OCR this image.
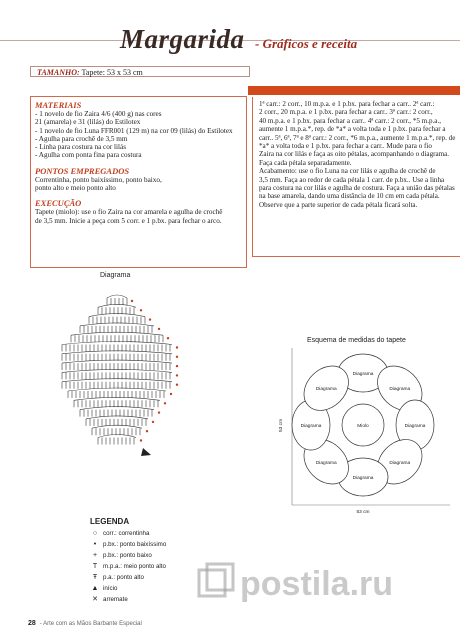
Margarida - Gráficos e receita
TAMANHO: Tapete: 53 x 53 cm

MATERIAIS

- 1 novelo de fio Zaira 4/6 (400 g) nas cores

21 (amarela) e 31 (lilás) do Estilotex

- 1 novelo de fio Luna FFR001 (129 m) na cor 09 (lilás) do Estilotex

- Agulha para crochê de 3,5 mm

- Linha para costura na cor lilás

- Agulha com ponta fina para costura

PONTOS EMPREGADOS

Correntinha, ponto baixíssimo, ponto baixo,

ponto alto e meio ponto alto

EXECUÇÃO

Tapete (miolo): use o fio Zaira na cor amarela e agulha de crochê

de 3,5 mm. Inicie a peça com 5 corr. e 1 p.bx. para fechar o arco.

1ª carr.: 2 corr., 10 m.p.a. e 1 p.bx. para fechar a carr.. 2ª carr.:
2 corr., 20 m.p.a. e 1 p.bx. para fechar a carr.. 3ª carr.: 2 corr.,
40 m.p.a. e 1 p.bx. para fechar a carr.. 4ª carr.: 2 corr., *5 m.p.a.,
aumente 1 m.p.a.*, rep. de *a* a volta toda e 1 p.bx. para fechar a
carr.. 5ª, 6ª, 7ª e 8ª carr.: 2 corr., *6 m.p.a., aumente 1 m.p.a.*, rep. de
*a* a volta toda e 1 p.bx. para fechar a carr.. Mude para o fio
Zaira na cor lilás e faça as oito pétalas, acompanhando o diagrama.
Faça cada pétala separadamente.
Acabamento: use o fio Luna na cor lilás e agulha de crochê de
3,5 mm. Faça ao redor de cada pétala 1 carr. de p.bx.. Use a linha
para costura na cor lilás e agulha de costura. Faça a união das pétalas
na base amarela, dando uma distância de 10 cm em cada pétala.
Observe que a parte superior de cada pétala ficará solta.
Diagrama
Esquema de medidas do tapete
Diagrama
Diagrama
Diagrama
Diagrama
Diagrama
Diagrama
Diagrama
Diagrama
Miolo
53 cm
53 cm

LEGENDA

○ corr.: correntinha
•	p.bx.: ponto baixíssimo
+ p.bx.: ponto baixo
T m.p.a.: meio ponto alto
Ŧ p.a.: ponto alto
▲ início
✕ arremate	postila.ru
28 - Arte com as Mãos Barbante Especial
